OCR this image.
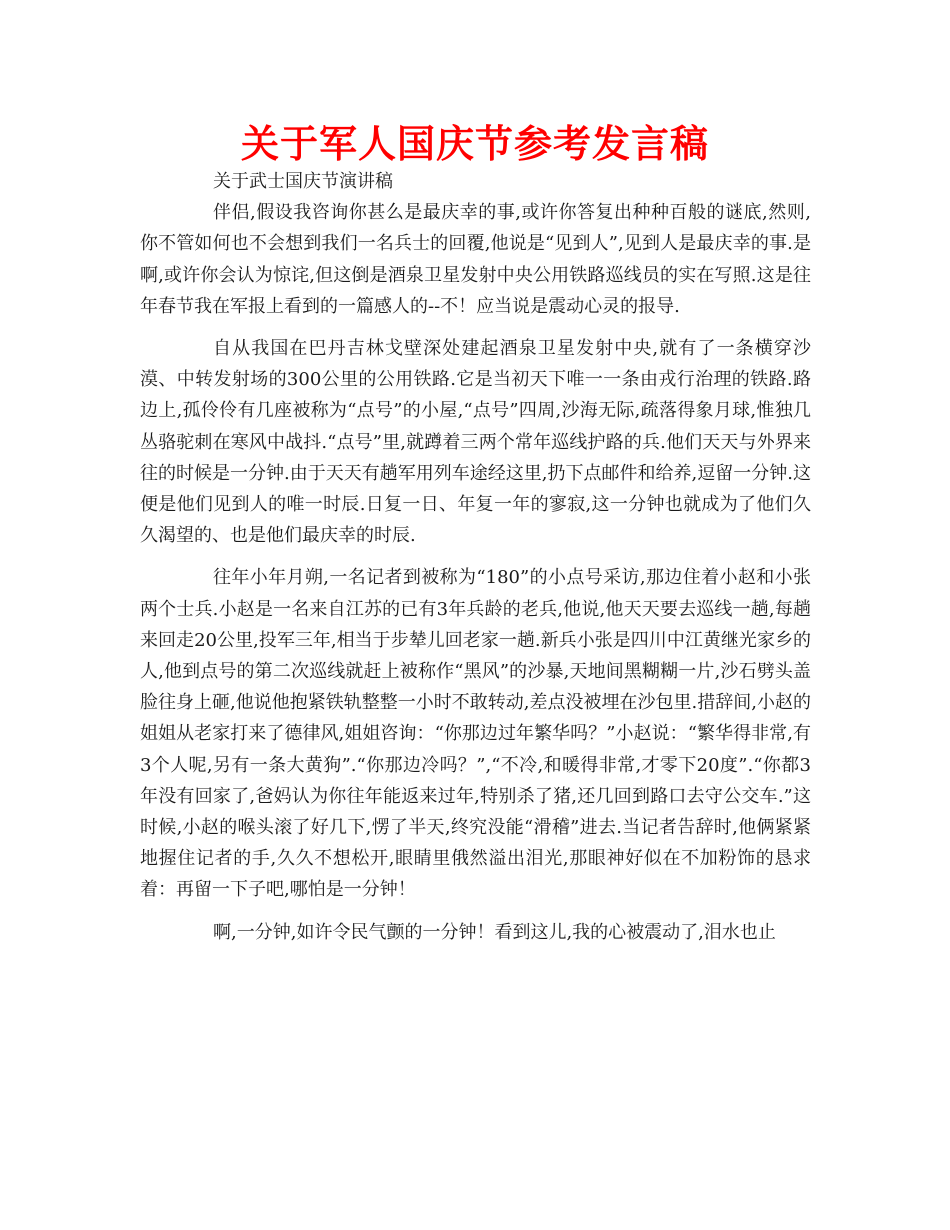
关于军人国庆节参考发言稿

关于武士国庆节演讲稿

伴侣,假设我咨询你甚么是最庆幸的事,或许你答复出种种百般的谜底,然则,你不管如何也不会想到我们一名兵士的回覆,他说是“见到人”,见到人是最庆幸的事.是啊,或许你会认为惊诧,但这倒是酒泉卫星发射中央公用铁路巡线员的实在写照.这是往年春节我在军报上看到的一篇感人的--不！应当说是震动心灵的报导.

自从我国在巴丹吉林戈壁深处建起酒泉卫星发射中央,就有了一条横穿沙漠、中转发射场的300公里的公用铁路.它是当初天下唯一一条由戎行治理的铁路.路边上,孤伶伶有几座被称为“点号”的小屋,“点号”四周,沙海无际,疏落得象月球,惟独几丛骆驼刺在寒风中战抖.“点号”里,就蹲着三两个常年巡线护路的兵.他们天天与外界来往的时候是一分钟.由于天天有趟军用列车途经这里,扔下点邮件和给养,逗留一分钟.这便是他们见到人的唯一时辰.日复一日、年复一年的寥寂,这一分钟也就成为了他们久久渴望的、也是他们最庆幸的时辰.

往年小年月朔,一名记者到被称为“180”的小点号采访,那边住着小赵和小张两个士兵.小赵是一名来自江苏的已有3年兵龄的老兵,他说,他天天要去巡线一趟,每趟来回走20公里,投军三年,相当于步辇儿回老家一趟.新兵小张是四川中江黄继光家乡的人,他到点号的第二次巡线就赶上被称作“黑风”的沙暴,天地间黑糊糊一片,沙石劈头盖脸往身上砸,他说他抱紧铁轨整整一小时不敢转动,差点没被埋在沙包里.措辞间,小赵的姐姐从老家打来了德律风,姐姐咨询：“你那边过年繁华吗？”小赵说：“繁华得非常,有3个人呢,另有一条大黄狗”.“你那边冷吗？”,“不冷,和暖得非常,才零下20度”.“你都3年没有回家了,爸妈认为你往年能返来过年,特别杀了猪,还几回到路口去守公交车.”这时候,小赵的喉头滚了好几下,愣了半天,终究没能“滑稽”进去.当记者告辞时,他俩紧紧地握住记者的手,久久不想松开,眼睛里俄然溢出泪光,那眼神好似在不加粉饰的恳求着：再留一下子吧,哪怕是一分钟！

啊,一分钟,如许令民气颤的一分钟！看到这儿,我的心被震动了,泪水也止
